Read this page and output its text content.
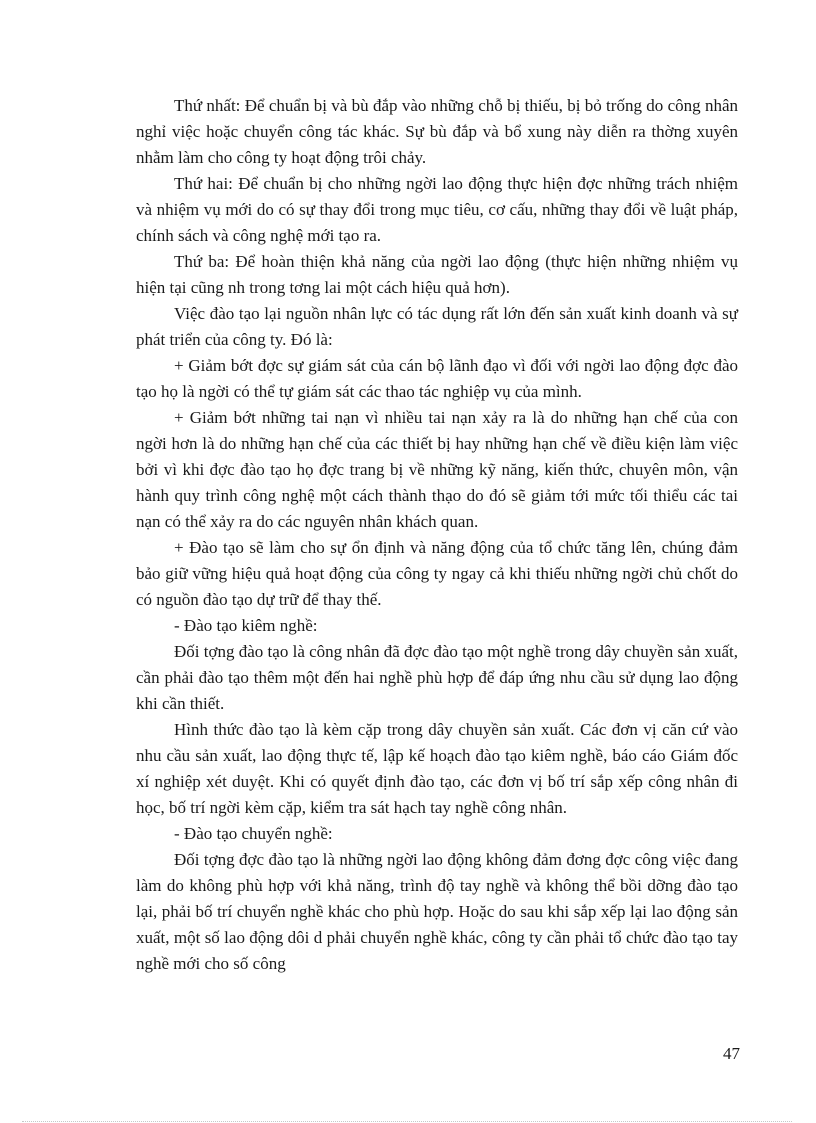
Thứ nhất: Để chuẩn bị và bù đắp vào những chỗ bị thiếu, bị bỏ trống do công nhân nghỉ việc hoặc chuyển công tác khác. Sự bù đắp và bổ xung này diễn ra thờng xuyên nhằm làm cho công ty hoạt động trôi chảy.

Thứ hai: Để chuẩn bị cho những ngời lao động thực hiện đợc những trách nhiệm và nhiệm vụ mới do có sự thay đổi trong mục tiêu, cơ cấu, những thay đổi về luật pháp, chính sách và công nghệ mới tạo ra.

Thứ ba: Để hoàn thiện khả năng của ngời lao động (thực hiện những nhiệm vụ hiện tại cũng nh trong tơng lai một cách hiệu quả hơn).

Việc đào tạo lại nguồn nhân lực có tác dụng rất lớn đến sản xuất kinh doanh và sự phát triển của công ty. Đó là:

+ Giảm bớt đợc sự giám sát của cán bộ lãnh đạo vì đối với ngời lao động đợc đào tạo họ là ngời có thể tự giám sát các thao tác nghiệp vụ của mình.

+ Giảm bớt những tai nạn vì nhiều tai nạn xảy ra là do những hạn chế của con ngời hơn là do những hạn chế của các thiết bị hay những hạn chế về điều kiện làm việc bởi vì khi đợc đào tạo họ đợc trang bị về những kỹ năng, kiến thức, chuyên môn, vận hành quy trình công nghệ một cách thành thạo do đó sẽ giảm tới mức tối thiểu các tai nạn có thể xảy ra do các nguyên nhân khách quan.

+ Đào tạo sẽ làm cho sự ổn định và năng động của tổ chức tăng lên, chúng đảm bảo giữ vững hiệu quả hoạt động của công ty ngay cả khi thiếu những ngời chủ chốt do có nguồn đào tạo dự trữ để thay thế.

- Đào tạo kiêm nghề:

Đối tợng đào tạo là công nhân đã đợc đào tạo một nghề trong dây chuyền sản xuất, cần phải đào tạo thêm một đến hai nghề phù hợp để đáp ứng nhu cầu sử dụng lao động khi cần thiết.

Hình thức đào tạo là kèm cặp trong dây chuyền sản xuất. Các đơn vị căn cứ vào nhu cầu sản xuất, lao động thực tế, lập kế hoạch đào tạo kiêm nghề, báo cáo Giám đốc xí nghiệp xét duyệt. Khi có quyết định đào tạo, các đơn vị bố trí sắp xếp công nhân đi học, bố trí ngời kèm cặp, kiểm tra sát hạch tay nghề công nhân.

- Đào tạo chuyển nghề:

Đối tợng đợc đào tạo là những ngời lao động không đảm đơng đợc công việc đang làm do không phù hợp với khả năng, trình độ tay nghề và không thể bồi dỡng đào tạo lại, phải bố trí chuyển nghề khác cho phù hợp. Hoặc do sau khi sắp xếp lại lao động sản xuất, một số lao động dôi d phải chuyển nghề khác, công ty cần phải tổ chức đào tạo tay nghề mới cho số công

47
